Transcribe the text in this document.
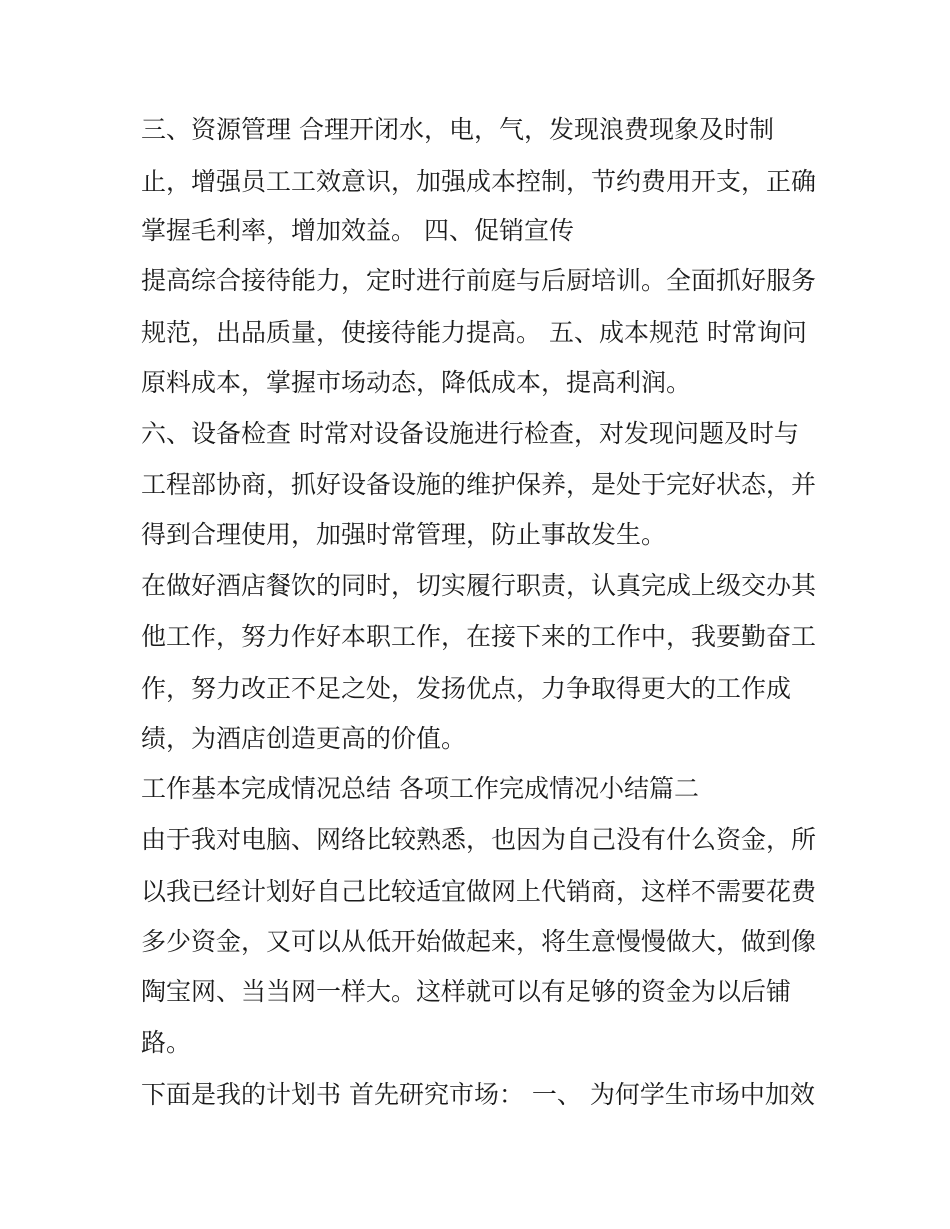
三、资源管理 合理开闭水，电，气，发现浪费现象及时制
止，增强员工工效意识，加强成本控制，节约费用开支，正确
掌握毛利率，增加效益。 四、促销宣传
提高综合接待能力，定时进行前庭与后厨培训。全面抓好服务
规范，出品质量，使接待能力提高。 五、成本规范 时常询问
原料成本，掌握市场动态，降低成本，提高利润。
六、设备检查 时常对设备设施进行检查，对发现问题及时与
工程部协商，抓好设备设施的维护保养，是处于完好状态，并
得到合理使用，加强时常管理，防止事故发生。
在做好酒店餐饮的同时，切实履行职责，认真完成上级交办其
他工作，努力作好本职工作，在接下来的工作中，我要勤奋工
作，努力改正不足之处，发扬优点，力争取得更大的工作成
绩，为酒店创造更高的价值。
工作基本完成情况总结 各项工作完成情况小结篇二
由于我对电脑、网络比较熟悉，也因为自己没有什么资金，所
以我已经计划好自己比较适宜做网上代销商，这样不需要花费
多少资金，又可以从低开始做起来，将生意慢慢做大，做到像
陶宝网、当当网一样大。这样就可以有足够的资金为以后铺
路。
下面是我的计划书 首先研究市场： 一、 为何学生市场中加效
